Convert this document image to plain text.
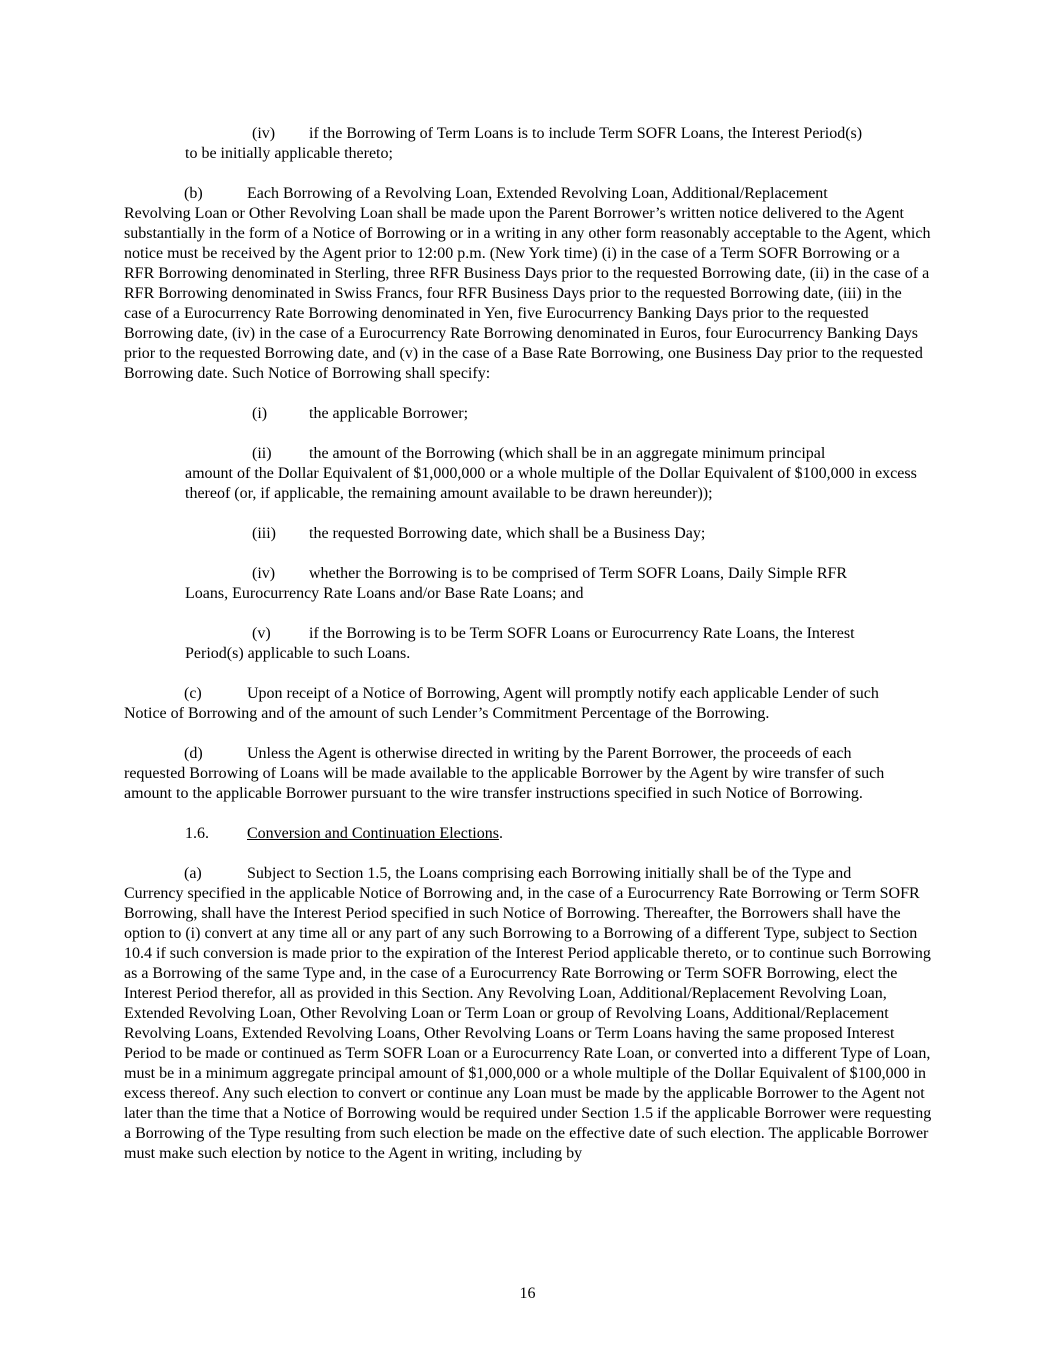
(iv) if the Borrowing of Term Loans is to include Term SOFR Loans, the Interest Period(s)
to be initially applicable thereto;
(b)	Each Borrowing of a Revolving Loan, Extended Revolving Loan, Additional/Replacement
Revolving Loan or Other Revolving Loan shall be made upon the Parent Borrower’s written notice delivered to the Agent substantially in the form of a Notice of Borrowing or in a writing in any other form reasonably acceptable to the Agent, which notice must be received by the Agent prior to 12:00 p.m. (New York time) (i) in the case of a Term SOFR Borrowing or a RFR Borrowing denominated in Sterling, three RFR Business Days prior to the requested Borrowing date, (ii) in the case of a RFR Borrowing denominated in Swiss Francs, four RFR Business Days prior to the requested Borrowing date, (iii) in the case of a Eurocurrency Rate Borrowing denominated in Yen, five Eurocurrency Banking Days prior to the requested Borrowing date, (iv) in the case of a Eurocurrency Rate Borrowing denominated in Euros, four Eurocurrency Banking Days prior to the requested Borrowing date, and (v) in the case of a Base Rate Borrowing, one Business Day prior to the requested Borrowing date. Such Notice of Borrowing shall specify:
(i)	the applicable Borrower;
(ii) the amount of the Borrowing (which shall be in an aggregate minimum principal
amount of the Dollar Equivalent of $1,000,000 or a whole multiple of the Dollar Equivalent of $100,000 in excess thereof (or, if applicable, the remaining amount available to be drawn hereunder));
(iii) the requested Borrowing date, which shall be a Business Day;
(iv) whether the Borrowing is to be comprised of Term SOFR Loans, Daily Simple RFR
Loans, Eurocurrency Rate Loans and/or Base Rate Loans; and
(v) if the Borrowing is to be Term SOFR Loans or Eurocurrency Rate Loans, the Interest
Period(s) applicable to such Loans.
(c)	Upon receipt of a Notice of Borrowing, Agent will promptly notify each applicable Lender of such
Notice of Borrowing and of the amount of such Lender’s Commitment Percentage of the Borrowing.
(d)	Unless the Agent is otherwise directed in writing by the Parent Borrower, the proceeds of each
requested Borrowing of Loans will be made available to the applicable Borrower by the Agent by wire transfer of such amount to the applicable Borrower pursuant to the wire transfer instructions specified in such Notice of Borrowing.
1.6. Conversion and Continuation Elections.
(a)	Subject to Section 1.5, the Loans comprising each Borrowing initially shall be of the Type and
Currency specified in the applicable Notice of Borrowing and, in the case of a Eurocurrency Rate Borrowing or Term SOFR Borrowing, shall have the Interest Period specified in such Notice of Borrowing. Thereafter, the Borrowers shall have the option to (i) convert at any time all or any part of any such Borrowing to a Borrowing of a different Type, subject to Section 10.4 if such conversion is made prior to the expiration of the Interest Period applicable thereto, or to continue such Borrowing as a Borrowing of the same Type and, in the case of a Eurocurrency Rate Borrowing or Term SOFR Borrowing, elect the Interest Period therefor, all as provided in this Section. Any Revolving Loan, Additional/Replacement Revolving Loan, Extended Revolving Loan, Other Revolving Loan or Term Loan or group of Revolving Loans, Additional/Replacement Revolving Loans, Extended Revolving Loans, Other Revolving Loans or Term Loans having the same proposed Interest Period to be made or continued as Term SOFR Loan or a Eurocurrency Rate Loan, or converted into a different Type of Loan, must be in a minimum aggregate principal amount of $1,000,000 or a whole multiple of the Dollar Equivalent of $100,000 in excess thereof. Any such election to convert or continue any Loan must be made by the applicable Borrower to the Agent not later than the time that a Notice of Borrowing would be required under Section 1.5 if the applicable Borrower were requesting a Borrowing of the Type resulting from such election be made on the effective date of such election. The applicable Borrower must make such election by notice to the Agent in writing, including by
16
